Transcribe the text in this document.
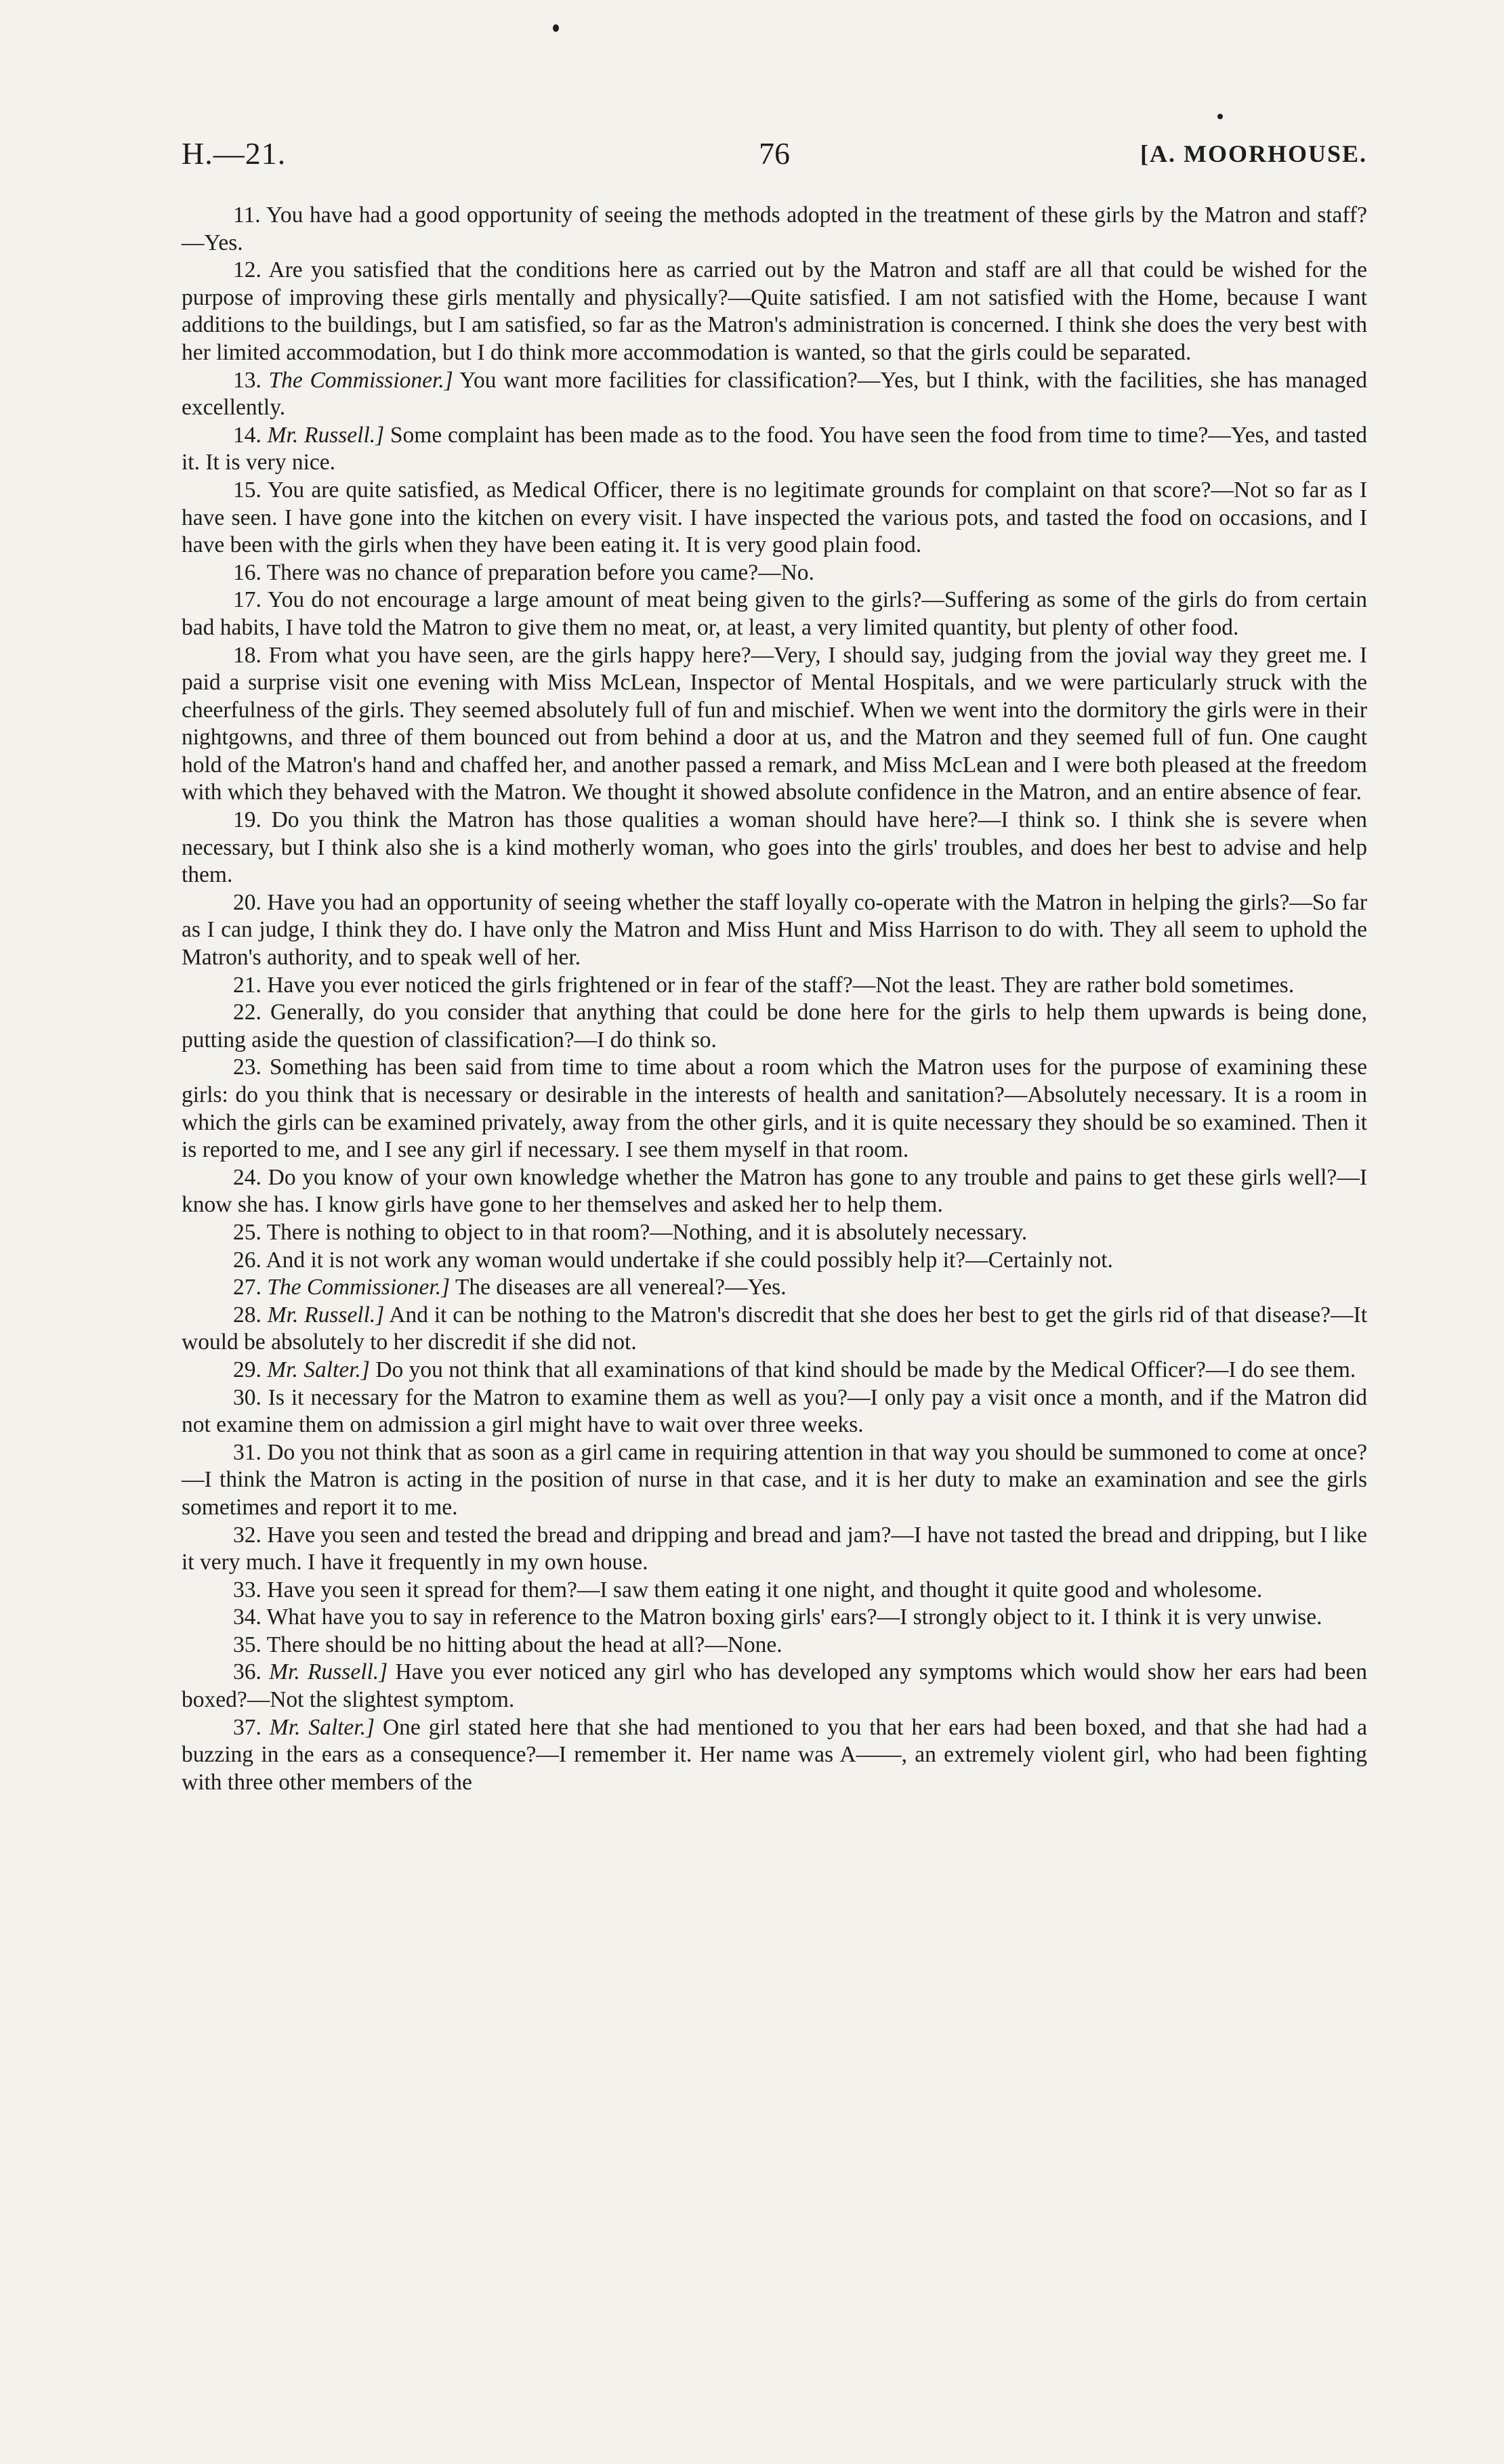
H.—21.	76	[A. MOORHOUSE.

11. You have had a good opportunity of seeing the methods adopted in the treatment of these girls by the Matron and staff?—Yes.

12. Are you satisfied that the conditions here as carried out by the Matron and staff are all that could be wished for the purpose of improving these girls mentally and physically?—Quite satisfied. I am not satisfied with the Home, because I want additions to the buildings, but I am satisfied, so far as the Matron's administration is concerned. I think she does the very best with her limited accommodation, but I do think more accommodation is wanted, so that the girls could be separated.

13. The Commissioner.] You want more facilities for classification?—Yes, but I think, with the facilities, she has managed excellently.

14. Mr. Russell.] Some complaint has been made as to the food. You have seen the food from time to time?—Yes, and tasted it. It is very nice.

15. You are quite satisfied, as Medical Officer, there is no legitimate grounds for complaint on that score?—Not so far as I have seen. I have gone into the kitchen on every visit. I have inspected the various pots, and tasted the food on occasions, and I have been with the girls when they have been eating it. It is very good plain food.

16. There was no chance of preparation before you came?—No.

17. You do not encourage a large amount of meat being given to the girls?—Suffering as some of the girls do from certain bad habits, I have told the Matron to give them no meat, or, at least, a very limited quantity, but plenty of other food.

18. From what you have seen, are the girls happy here?—Very, I should say, judging from the jovial way they greet me. I paid a surprise visit one evening with Miss McLean, Inspector of Mental Hospitals, and we were particularly struck with the cheerfulness of the girls. They seemed absolutely full of fun and mischief. When we went into the dormitory the girls were in their nightgowns, and three of them bounced out from behind a door at us, and the Matron and they seemed full of fun. One caught hold of the Matron's hand and chaffed her, and another passed a remark, and Miss McLean and I were both pleased at the freedom with which they behaved with the Matron. We thought it showed absolute confidence in the Matron, and an entire absence of fear.

19. Do you think the Matron has those qualities a woman should have here?—I think so. I think she is severe when necessary, but I think also she is a kind motherly woman, who goes into the girls' troubles, and does her best to advise and help them.

20. Have you had an opportunity of seeing whether the staff loyally co-operate with the Matron in helping the girls?—So far as I can judge, I think they do. I have only the Matron and Miss Hunt and Miss Harrison to do with. They all seem to uphold the Matron's authority, and to speak well of her.

21. Have you ever noticed the girls frightened or in fear of the staff?—Not the least. They are rather bold sometimes.

22. Generally, do you consider that anything that could be done here for the girls to help them upwards is being done, putting aside the question of classification?—I do think so.

23. Something has been said from time to time about a room which the Matron uses for the purpose of examining these girls: do you think that is necessary or desirable in the interests of health and sanitation?—Absolutely necessary. It is a room in which the girls can be examined privately, away from the other girls, and it is quite necessary they should be so examined. Then it is reported to me, and I see any girl if necessary. I see them myself in that room.

24. Do you know of your own knowledge whether the Matron has gone to any trouble and pains to get these girls well?—I know she has. I know girls have gone to her themselves and asked her to help them.

25. There is nothing to object to in that room?—Nothing, and it is absolutely necessary.

26. And it is not work any woman would undertake if she could possibly help it?—Certainly not.

27. The Commissioner.] The diseases are all venereal?—Yes.

28. Mr. Russell.] And it can be nothing to the Matron's discredit that she does her best to get the girls rid of that disease?—It would be absolutely to her discredit if she did not.

29. Mr. Salter.] Do you not think that all examinations of that kind should be made by the Medical Officer?—I do see them.

30. Is it necessary for the Matron to examine them as well as you?—I only pay a visit once a month, and if the Matron did not examine them on admission a girl might have to wait over three weeks.

31. Do you not think that as soon as a girl came in requiring attention in that way you should be summoned to come at once?—I think the Matron is acting in the position of nurse in that case, and it is her duty to make an examination and see the girls sometimes and report it to me.

32. Have you seen and tested the bread and dripping and bread and jam?—I have not tasted the bread and dripping, but I like it very much. I have it frequently in my own house.

33. Have you seen it spread for them?—I saw them eating it one night, and thought it quite good and wholesome.

34. What have you to say in reference to the Matron boxing girls' ears?—I strongly object to it. I think it is very unwise.

35. There should be no hitting about the head at all?—None.

36. Mr. Russell.] Have you ever noticed any girl who has developed any symptoms which would show her ears had been boxed?—Not the slightest symptom.

37. Mr. Salter.] One girl stated here that she had mentioned to you that her ears had been boxed, and that she had had a buzzing in the ears as a consequence?—I remember it. Her name was A——, an extremely violent girl, who had been fighting with three other members of the
